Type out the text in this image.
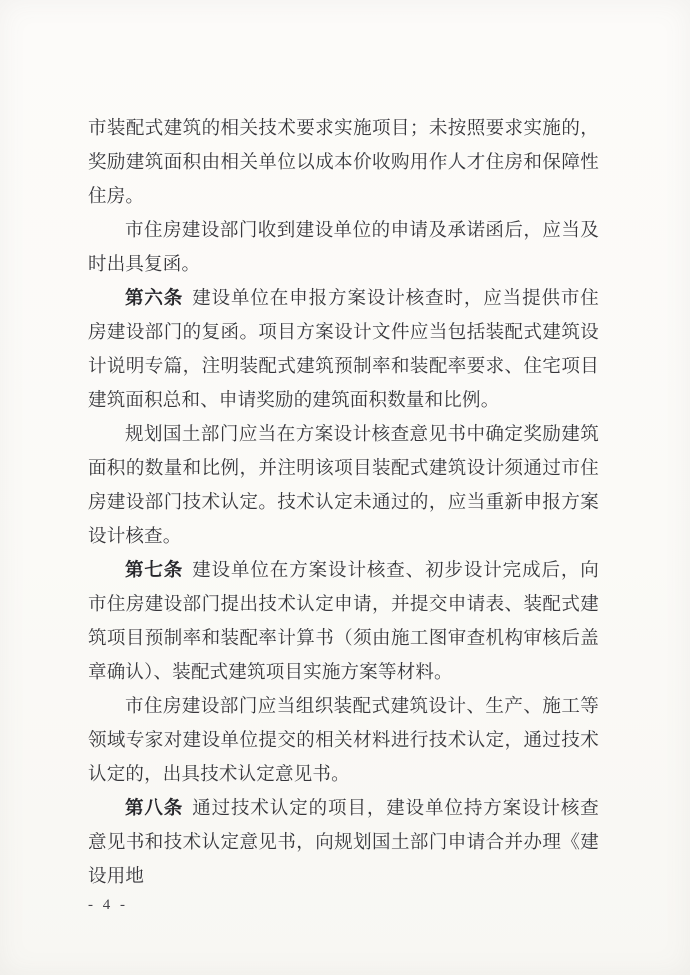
市装配式建筑的相关技术要求实施项目；未按照要求实施的，奖励建筑面积由相关单位以成本价收购用作人才住房和保障性住房。

市住房建设部门收到建设单位的申请及承诺函后，应当及时出具复函。

第六条 建设单位在申报方案设计核查时，应当提供市住房建设部门的复函。项目方案设计文件应当包括装配式建筑设计说明专篇，注明装配式建筑预制率和装配率要求、住宅项目建筑面积总和、申请奖励的建筑面积数量和比例。

规划国土部门应当在方案设计核查意见书中确定奖励建筑面积的数量和比例，并注明该项目装配式建筑设计须通过市住房建设部门技术认定。技术认定未通过的，应当重新申报方案设计核查。

第七条 建设单位在方案设计核查、初步设计完成后，向市住房建设部门提出技术认定申请，并提交申请表、装配式建筑项目预制率和装配率计算书（须由施工图审查机构审核后盖章确认）、装配式建筑项目实施方案等材料。

市住房建设部门应当组织装配式建筑设计、生产、施工等领域专家对建设单位提交的相关材料进行技术认定，通过技术认定的，出具技术认定意见书。

第八条 通过技术认定的项目，建设单位持方案设计核查意见书和技术认定意见书，向规划国土部门申请合并办理《建设用地

- 4 -
